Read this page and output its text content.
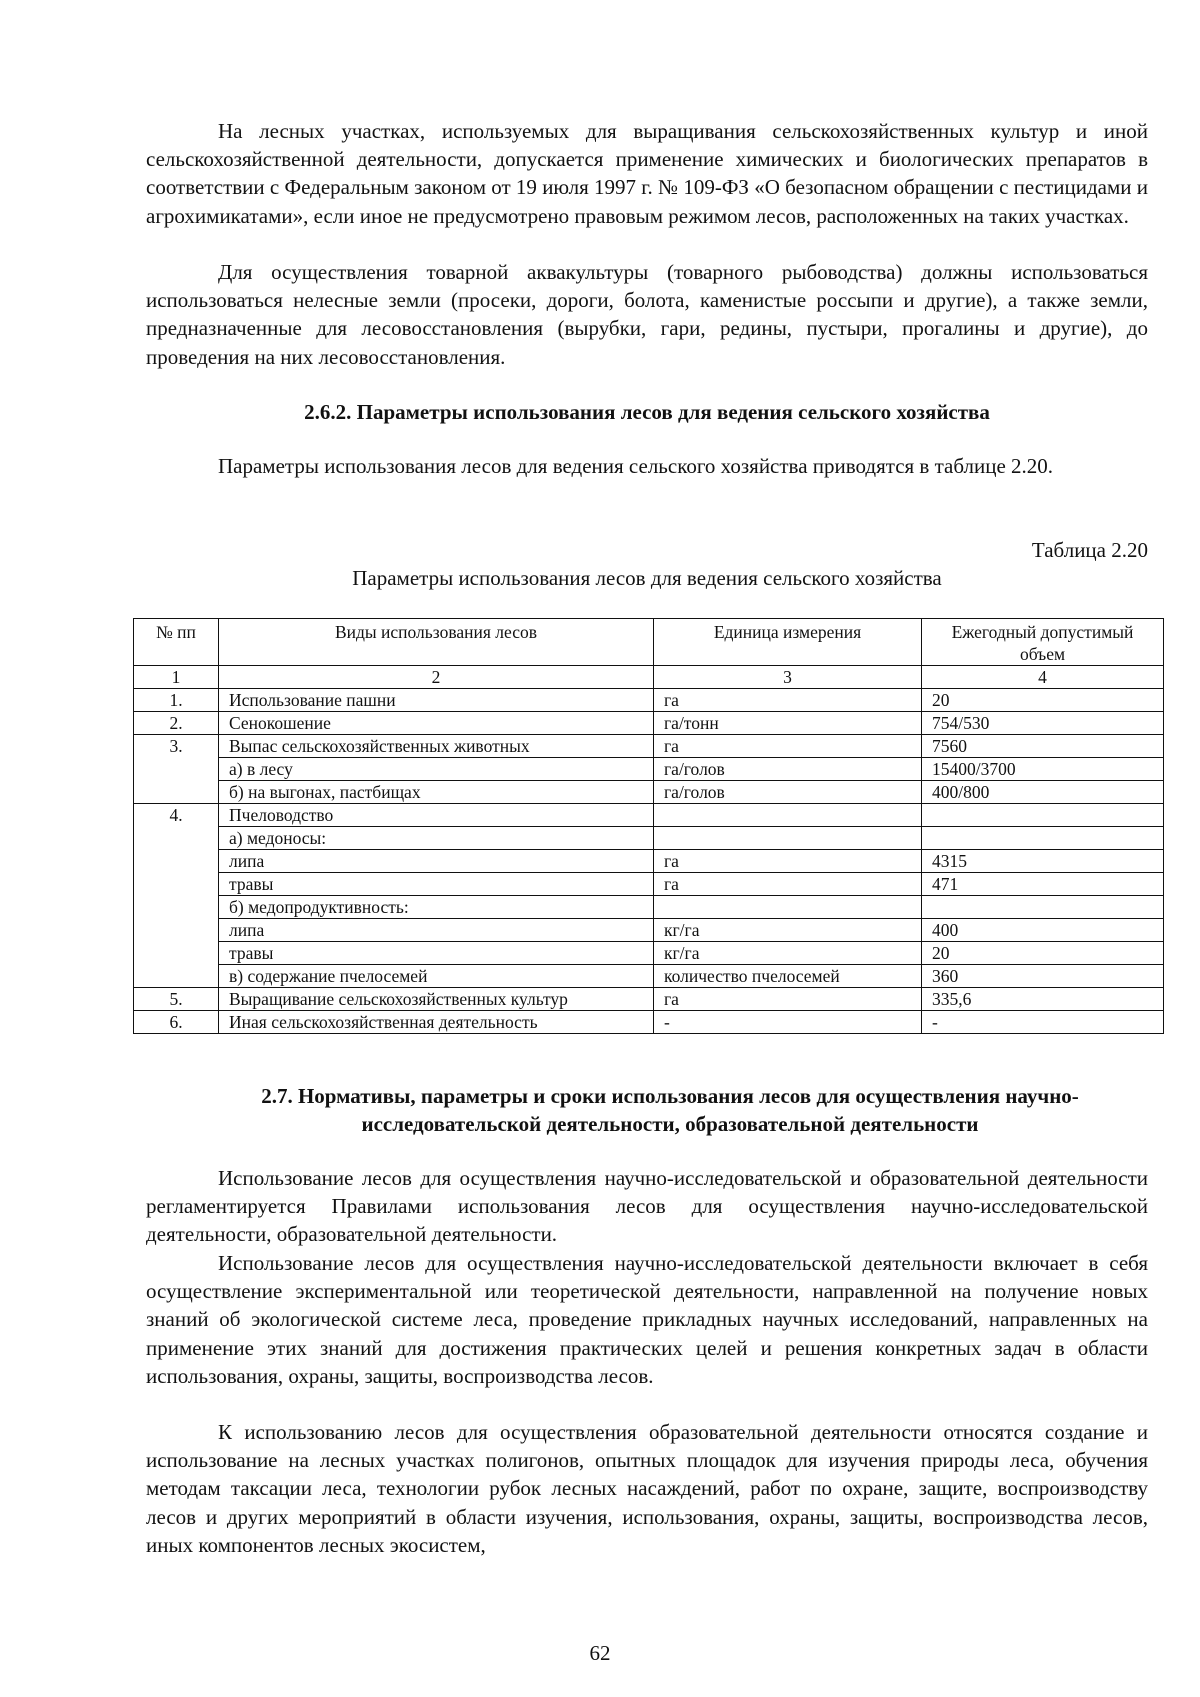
На лесных участках, используемых для выращивания сельскохозяйственных культур и иной сельскохозяйственной деятельности, допускается применение химических и биологических препаратов в соответствии с Федеральным законом от 19 июля 1997 г. № 109-ФЗ «О безопасном обращении с пестицидами и агрохимикатами», если иное не предусмотрено правовым режимом лесов, расположенных на таких участках.

Для осуществления товарной аквакультуры (товарного рыбоводства) должны использоваться использоваться нелесные земли (просеки, дороги, болота, каменистые россыпи и другие), а также земли, предназначенные для лесовосстановления (вырубки, гари, редины, пустыри, прогалины и другие), до проведения на них лесовосстановления.

2.6.2. Параметры использования лесов для ведения сельского хозяйства

Параметры использования лесов для ведения сельского хозяйства приводятся в таблице 2.20.

Таблица 2.20
Параметры использования лесов для ведения сельского хозяйства
№ пп	Виды использования лесов	Единица измерения	Ежегодный допустимый объем
1	2	3	4
1.	Использование пашни	га	20
2.	Сенокошение	га/тонн	754/530
3.	Выпас сельскохозяйственных животных	га	7560
	а) в лесу	га/голов	15400/3700
	б) на выгонах, пастбищах	га/голов	400/800
4.	Пчеловодство		
	а) медоносы:		
	липа	га	4315
	травы	га	471
	б) медопродуктивность:		
	липа	кг/га	400
	травы	кг/га	20
	в) содержание пчелосемей	количество пчелосемей	360
5.	Выращивание сельскохозяйственных культур	га	335,6
6.	Иная сельскохозяйственная деятельность	-	-

2.7. Нормативы, параметры и сроки использования лесов для осуществления научно-исследовательской деятельности, образовательной деятельности

Использование лесов для осуществления научно-исследовательской и образовательной деятельности регламентируется Правилами использования лесов для осуществления научно-исследовательской деятельности, образовательной деятельности.

Использование лесов для осуществления научно-исследовательской деятельности включает в себя осуществление экспериментальной или теоретической деятельности, направленной на получение новых знаний об экологической системе леса, проведение прикладных научных исследований, направленных на применение этих знаний для достижения практических целей и решения конкретных задач в области использования, охраны, защиты, воспроизводства лесов.

К использованию лесов для осуществления образовательной деятельности относятся создание и использование на лесных участках полигонов, опытных площадок для изучения природы леса, обучения методам таксации леса, технологии рубок лесных насаждений, работ по охране, защите, воспроизводству лесов и других мероприятий в области изучения, использования, охраны, защиты, воспроизводства лесов, иных компонентов лесных экосистем,

62
